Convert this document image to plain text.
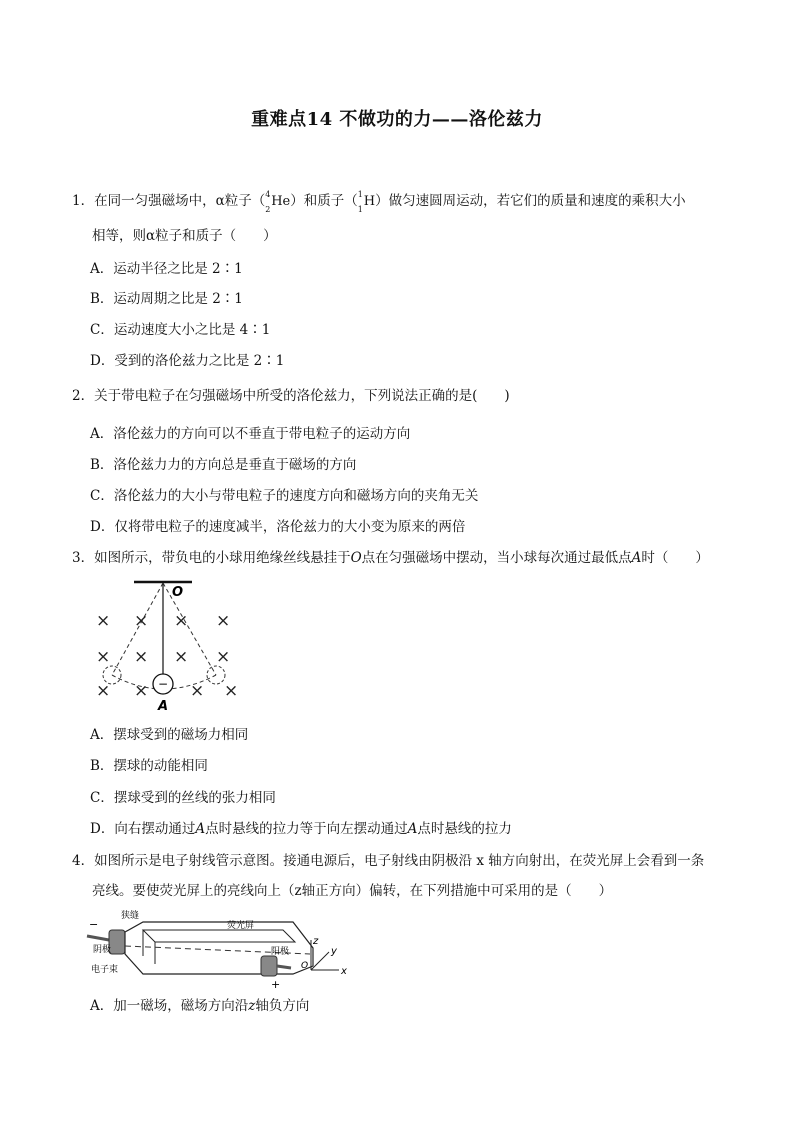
重难点14 不做功的力——洛伦兹力
1．在同一匀强磁场中，α粒子（ 4
2
He）和质子（ 1
1
H）做匀速圆周运动，若它们的质量和速度的乘积大小
相等，则α粒子和质子（　　）
A．运动半径之比是 2∶1
B．运动周期之比是 2∶1
C．运动速度大小之比是 4∶1
D．受到的洛伦兹力之比是 2∶1
2．关于带电粒子在匀强磁场中所受的洛伦兹力，下列说法正确的是(　　)
A．洛伦兹力的方向可以不垂直于带电粒子的运动方向
B．洛伦兹力力的方向总是垂直于磁场的方向
C．洛伦兹力的大小与带电粒子的速度方向和磁场方向的夹角无关
D．仅将带电粒子的速度减半，洛伦兹力的大小变为原来的两倍
3．如图所示，带负电的小球用绝缘丝线悬挂于O点在匀强磁场中摆动，当小球每次通过最低点A时（　　）
O
−
A
× × × ×
× × × ×
× × × ×
A．摆球受到的磁场力相同
B．摆球的动能相同
C．摆球受到的丝线的张力相同
D．向右摆动通过A点时悬线的拉力等于向左摆动通过A点时悬线的拉力
4．如图所示是电子射线管示意图。接通电源后，电子射线由阴极沿 x 轴方向射出，在荧光屏上会看到一条
亮线。要使荧光屏上的亮线向上（z轴正方向）偏转，在下列措施中可采用的是（　　）
−
+
狭缝
荧光屏
阴极	阳极
电子束
z
y
x
O
A．加一磁场，磁场方向沿z轴负方向
